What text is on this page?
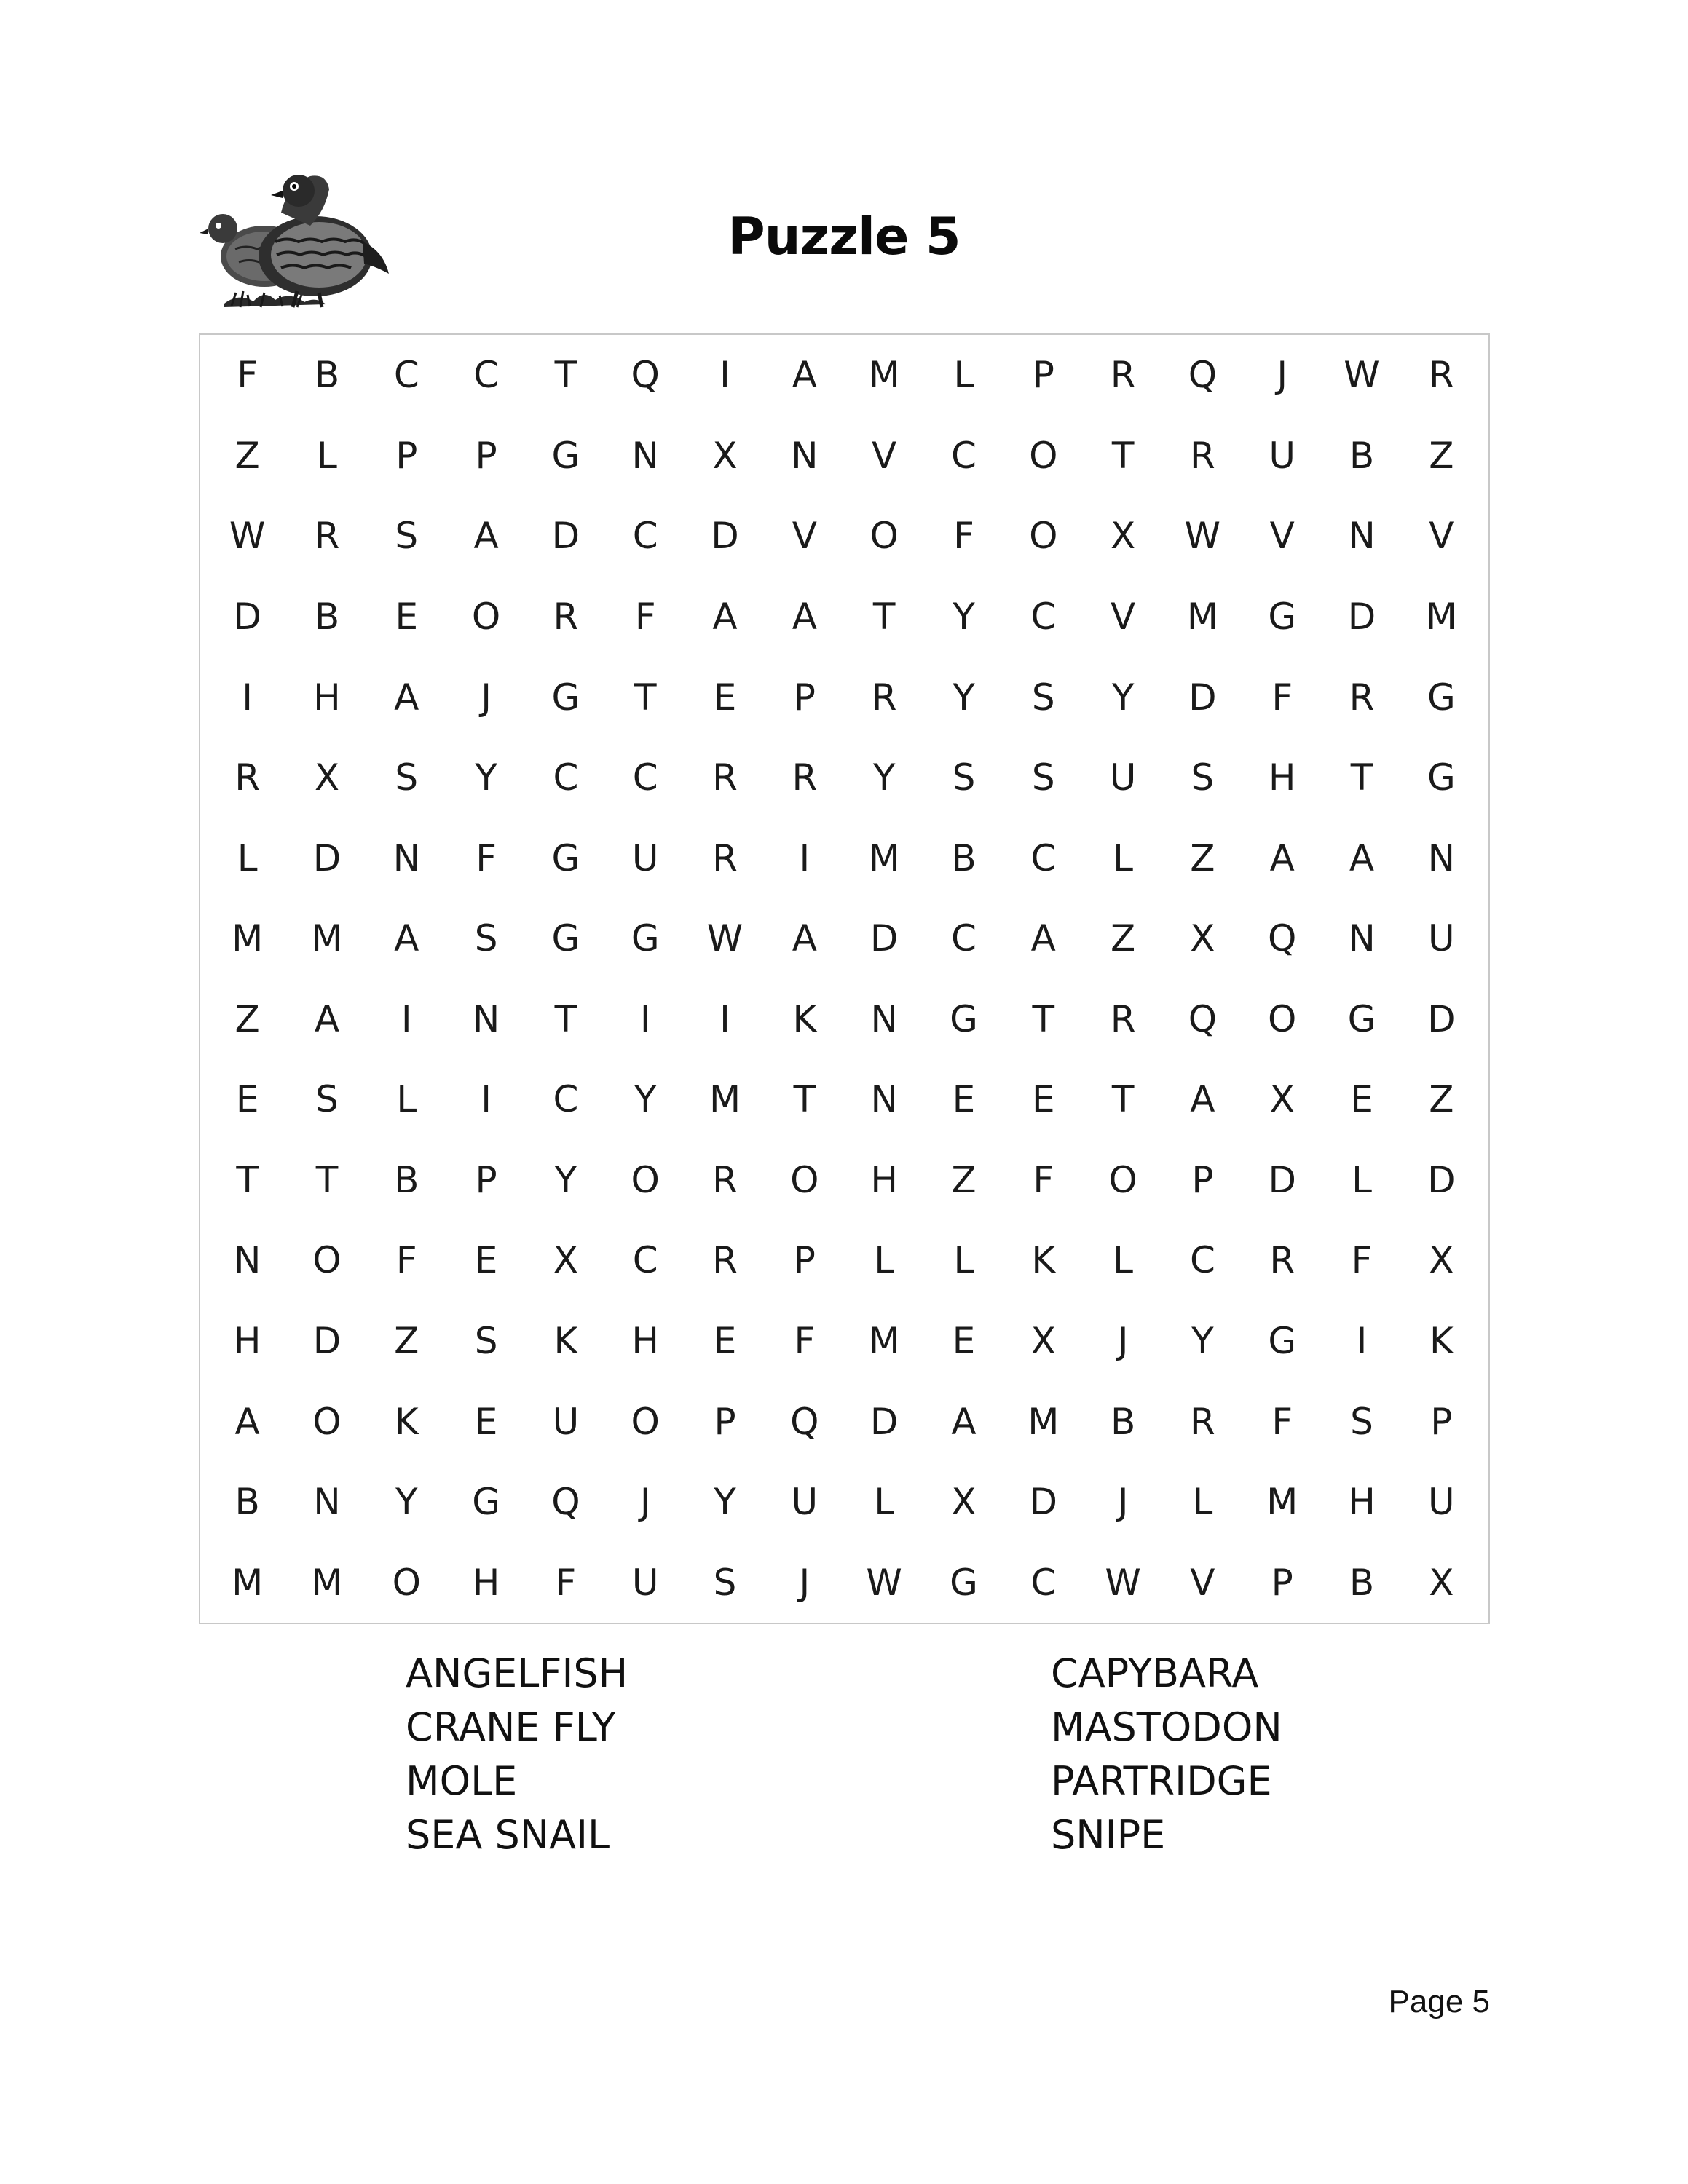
Puzzle 5
F	B	C	C	T	Q	I	A	M	L	P	R	Q	J	W	R
Z	L	P	P	G	N	X	N	V	C	O	T	R	U	B	Z
W	R	S	A	D	C	D	V	O	F	O	X	W	V	N	V
D	B	E	O	R	F	A	A	T	Y	C	V	M	G	D	M
I	H	A	J	G	T	E	P	R	Y	S	Y	D	F	R	G
R	X	S	Y	C	C	R	R	Y	S	S	U	S	H	T	G
L	D	N	F	G	U	R	I	M	B	C	L	Z	A	A	N
M	M	A	S	G	G	W	A	D	C	A	Z	X	Q	N	U
Z	A	I	N	T	I	I	K	N	G	T	R	Q	O	G	D
E	S	L	I	C	Y	M	T	N	E	E	T	A	X	E	Z
T	T	B	P	Y	O	R	O	H	Z	F	O	P	D	L	D
N	O	F	E	X	C	R	P	L	L	K	L	C	R	F	X
H	D	Z	S	K	H	E	F	M	E	X	J	Y	G	I	K
A	O	K	E	U	O	P	Q	D	A	M	B	R	F	S	P
B	N	Y	G	Q	J	Y	U	L	X	D	J	L	M	H	U
M	M	O	H	F	U	S	J	W	G	C	W	V	P	B	X
ANGELFISH
CRANE FLY
MOLE
SEA SNAIL
CAPYBARA
MASTODON
PARTRIDGE
SNIPE
Page 5
